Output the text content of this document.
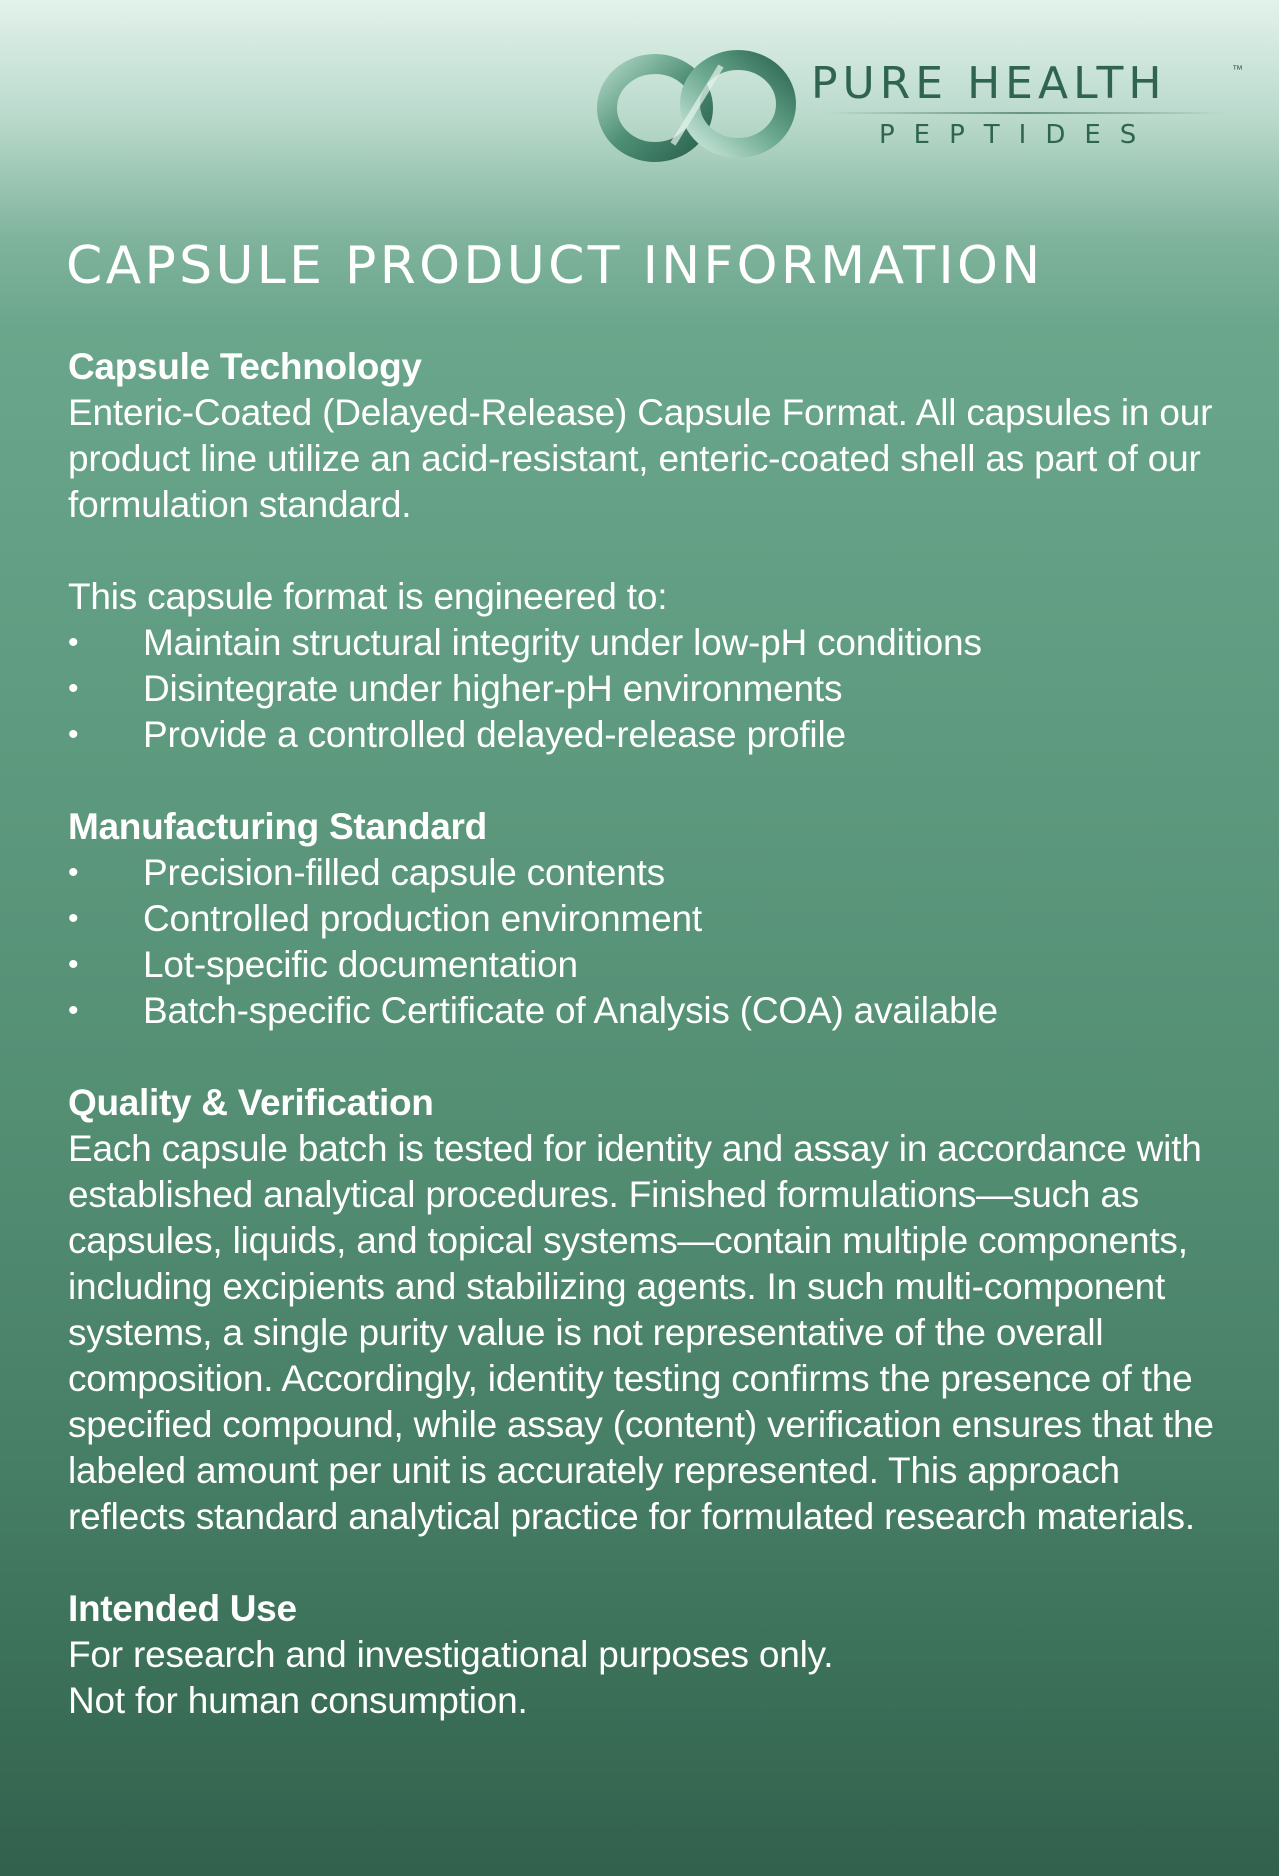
PURE HEALTH	™
PEPTIDES
CAPSULE PRODUCT INFORMATION

Capsule Technology

Enteric-Coated (Delayed-Release) Capsule Format. All capsules in our product line utilize an acid-resistant, enteric-coated shell as part of our formulation standard.

This capsule format is engineered to:

• Maintain structural integrity under low-pH conditions
• Disintegrate under higher-pH environments
• Provide a controlled delayed-release profile

Manufacturing Standard

• Precision-filled capsule contents
• Controlled production environment
• Lot-specific documentation
• Batch-specific Certificate of Analysis (COA) available

Quality & Verification

Each capsule batch is tested for identity and assay in accordance with established analytical procedures. Finished formulations—such as capsules, liquids, and topical systems—contain multiple components, including excipients and stabilizing agents. In such multi-component systems, a single purity value is not representative of the overall composition. Accordingly, identity testing confirms the presence of the specified compound, while assay (content) verification ensures that the labeled amount per unit is accurately represented. This approach reflects standard analytical practice for formulated research materials.

Intended Use

For research and investigational purposes only.

Not for human consumption.
